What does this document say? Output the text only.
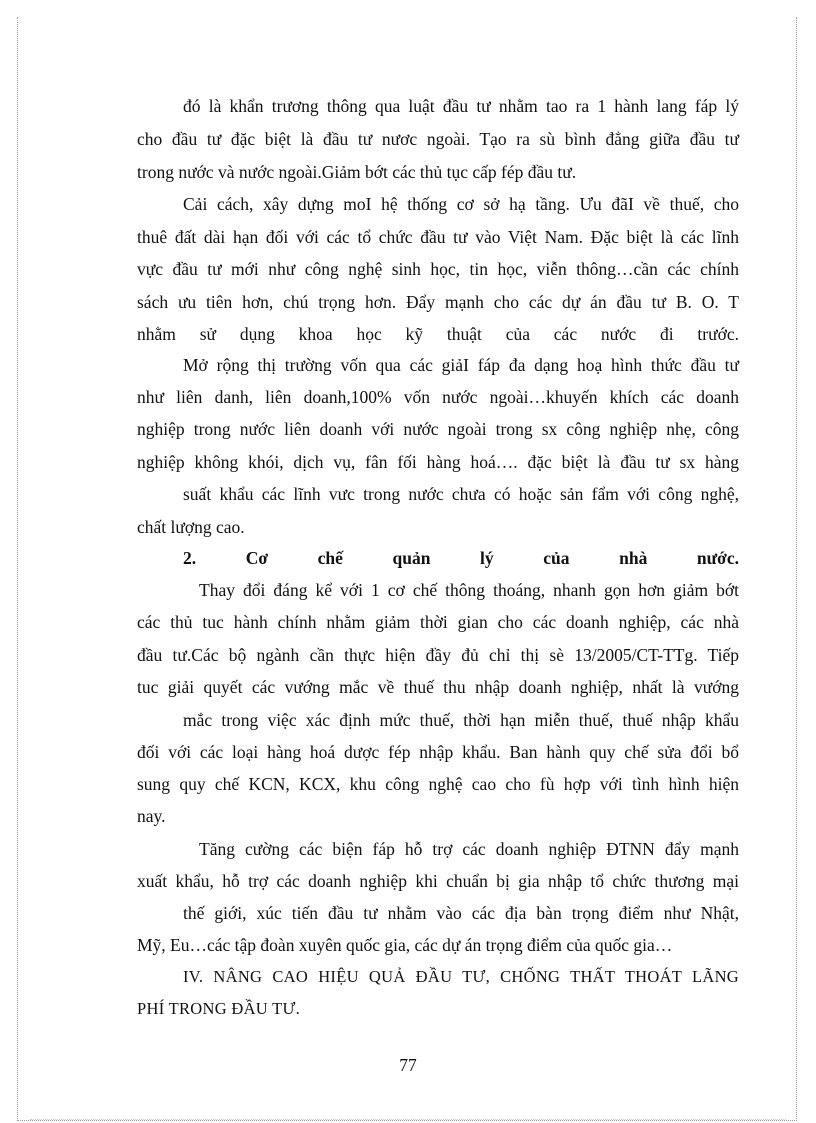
đó là khẩn trương thông qua luật đầu tư nhằm tao ra 1 hành lang fáp lý
cho đầu tư đặc biệt là đầu tư nươc ngoài. Tạo ra sù bình đẳng giữa đầu tư
trong nước và nước ngoài.Giảm bớt các thủ tục cấp fép đầu tư.
Cải cách, xây dựng moI hệ thống cơ sở hạ tầng. Ưu đãI về thuế, cho
thuê đất dài hạn đối với các tổ chức đầu tư vào Việt Nam. Đặc biệt là các lĩnh
vực đầu tư mới như công nghệ sinh học, tin học, viễn thông…cần các chính
sách ưu tiên hơn, chú trọng hơn. Đẩy mạnh cho các dự án đầu tư B. O. T
nhằm sử dụng khoa học kỹ thuật của các nước đi trước.
Mở rộng thị trường vốn qua các giảI fáp đa dạng hoạ hình thức đầu tư
như liên danh, liên doanh,100% vốn nước ngoài…khuyến khích các doanh
nghiệp trong nước liên doanh với nước ngoài trong sx công nghiệp nhẹ, công
nghiệp không khói, dịch vụ, fân fối hàng hoá…. đặc biệt là đầu tư sx hàng
suất khẩu các lĩnh vưc trong nước chưa có hoặc sản fẩm với công nghệ,
chất lượng cao.
2. Cơ chế quản lý của nhà nước.
Thay đổi đáng kể với 1 cơ chế thông thoáng, nhanh gọn hơn giảm bớt
các thủ tuc hành chính nhằm giảm thời gian cho các doanh nghiệp, các nhà
đầu tư.Các bộ ngành cần thực hiện đầy đủ chỉ thị sè 13/2005/CT-TTg. Tiếp
tuc giải quyết các vướng mắc về thuế thu nhập doanh nghiệp, nhất là vướng
mắc trong việc xác định mức thuế, thời hạn miễn thuế, thuế nhập khẩu
đối với các loại hàng hoá dược fép nhập khẩu. Ban hành quy chế sửa đổi bổ
sung quy chế KCN, KCX, khu công nghệ cao cho fù hợp với tình hình hiện
nay.
Tăng cường các biện fáp hỗ trợ các doanh nghiệp ĐTNN đẩy mạnh
xuất khẩu, hỗ trợ các doanh nghiệp khi chuẩn bị gia nhập tổ chức thương mại
thế giới, xúc tiến đầu tư nhằm vào các địa bàn trọng điểm như Nhật,
Mỹ, Eu…các tập đoàn xuyên quốc gia, các dự án trọng điểm của quốc gia…
IV. NÂNG CAO HIỆU QUẢ ĐẦU TƯ, CHỐNG THẤT THOÁT LÃNG
PHÍ TRONG ĐẦU TƯ.
77
